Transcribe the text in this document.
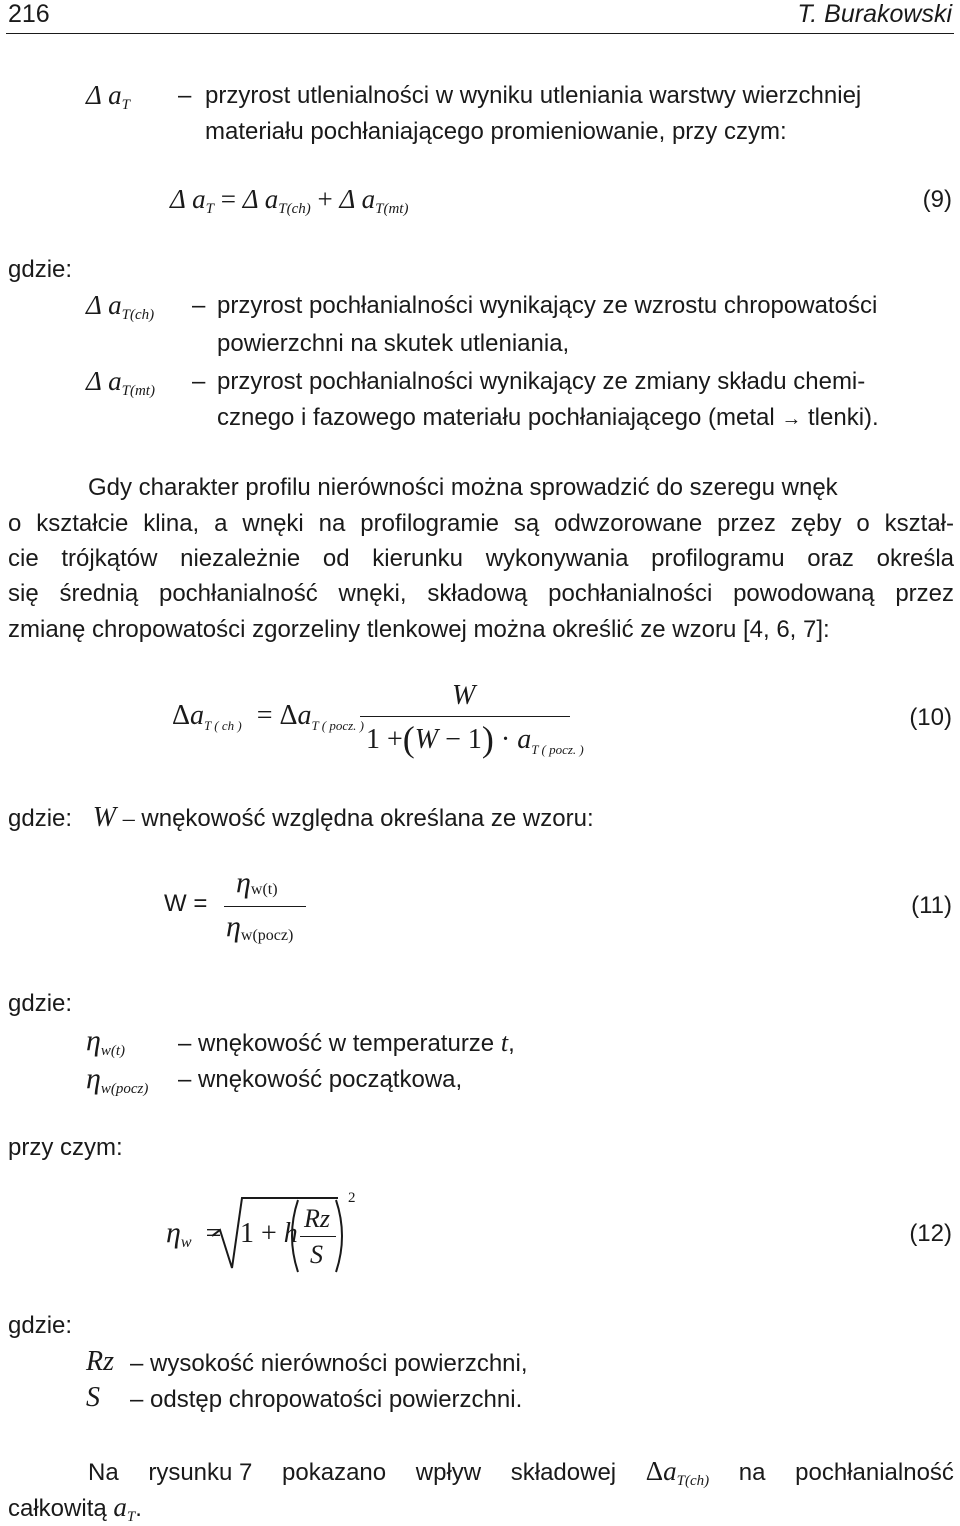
216	T. Burakowski
Δ $a_T$ – przyrost utlenialności w wyniku utleniania warstwy wierzchniej
materiału pochłaniającego promieniowanie, przy czym:
Δ $a_T = \Delta$ $a_{T(ch)} + \Delta$ $a_{T(mt)}$	(9)
gdzie:
Δ $a_{T(ch)}$ – przyrost pochłanialności wynikający ze wzrostu chropowatości
powierzchni na skutek utleniania,
Δ $a_{T(mt)}$ – przyrost pochłanialności wynikający ze zmiany składu chemi-
cznego i fazowego materiału pochłaniającego (metal → tlenki).
Gdy charakter profilu nierówności można sprowadzić do szeregu wnęk
o kształcie klina, a wnęki na profilogramie są odwzorowane przez zęby o kształ-
cie trójkątów niezależnie od kierunku wykonywania profilogramu oraz określa
się średnią pochłanialność wnęki, składową pochłanialności powodowaną przez
zmianę chropowatości zgorzeliny tlenkowej można określić ze wzoru [4, 6, 7]:
$\Delta a_{T ( ch )} = \Delta a_{T ( pocz. )}$
W
$1 +(W - 1) \cdot a_{T ( pocz. )}$
(10)
gdzie: W – wnękowość względna określana ze wzoru:
W =
ηw(t)
ηw(pocz)
(11)
gdzie:
$\eta_{w(t)}$ – wnękowość w temperaturze t,
$\eta_{w(pocz)}$ – wnękowość początkowa,
przy czym:
$\eta_w = 1 + h$ Rz
S
2
(12)
gdzie:
Rz – wysokość nierówności powierzchni,
S – odstęp chropowatości powierzchni.
Na rysunku 7 pokazano wpływ składowej $\Delta a_{T(ch)}$ na pochłanialność
całkowitą $a_T$.
